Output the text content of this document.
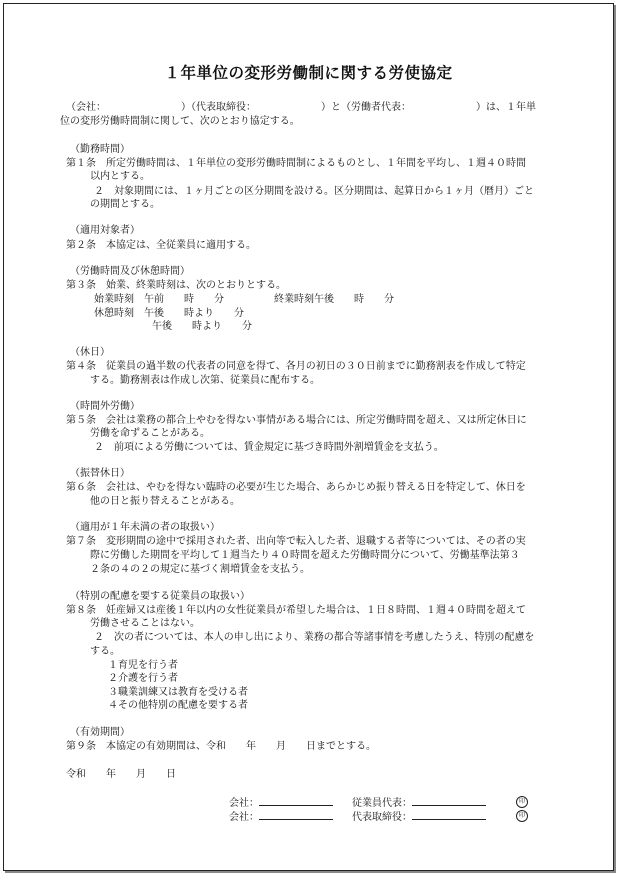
１年単位の変形労働制に関する労使協定
（会社：　　　　　　　　）（代表取締役：　　　　　　　）と（労働者代表：　　　　　　　）は、１年単
位の変形労働時間制に関して、次のとおり協定する。
（勤務時間）
第１条　所定労働時間は、１年単位の変形労働時間制によるものとし、１年間を平均し、１週４０時間
以内とする。
２　対象期間には、１ヶ月ごとの区分期間を設ける。区分期間は、起算日から１ヶ月（暦月）ごと
の期間とする。
（適用対象者）
第２条　本協定は、全従業員に適用する。
（労働時間及び休憩時間）
第３条　始業、終業時刻は、次のとおりとする。
始業時刻　午前　　時　　分　　　　　終業時刻午後　　時　　分
休憩時刻　午後　　時より　　分
午後　　時より　　分
（休日）
第４条　従業員の過半数の代表者の同意を得て、各月の初日の３０日前までに勤務割表を作成して特定
する。勤務割表は作成し次第、従業員に配布する。
（時間外労働）
第５条　会社は業務の都合上やむを得ない事情がある場合には、所定労働時間を超え、又は所定休日に
労働を命ずることがある。
２　前項による労働については、賃金規定に基づき時間外割増賃金を支払う。
（振替休日）
第６条　会社は、やむを得ない臨時の必要が生じた場合、あらかじめ振り替える日を特定して、休日を
他の日と振り替えることがある。
（適用が１年未満の者の取扱い）
第７条　変形期間の途中で採用された者、出向等で転入した者、退職する者等については、その者の実
際に労働した期間を平均して１週当たり４０時間を超えた労働時間分について、労働基準法第３
２条の４の２の規定に基づく割増賃金を支払う。
（特別の配慮を要する従業員の取扱い）
第８条　妊産婦又は産後１年以内の女性従業員が希望した場合は、１日８時間、１週４０時間を超えて
労働させることはない。
２　次の者については、本人の申し出により、業務の都合等諸事情を考慮したうえ、特別の配慮を
する。
１育児を行う者
２介護を行う者
３職業訓練又は教育を受ける者
４その他特別の配慮を要する者
（有効期間）
第９条　本協定の有効期間は、令和　　年　　月　　日までとする。
令和　　年　　月　　日
会社：	従業員代表：	印
会社：	代表取締役：	印
